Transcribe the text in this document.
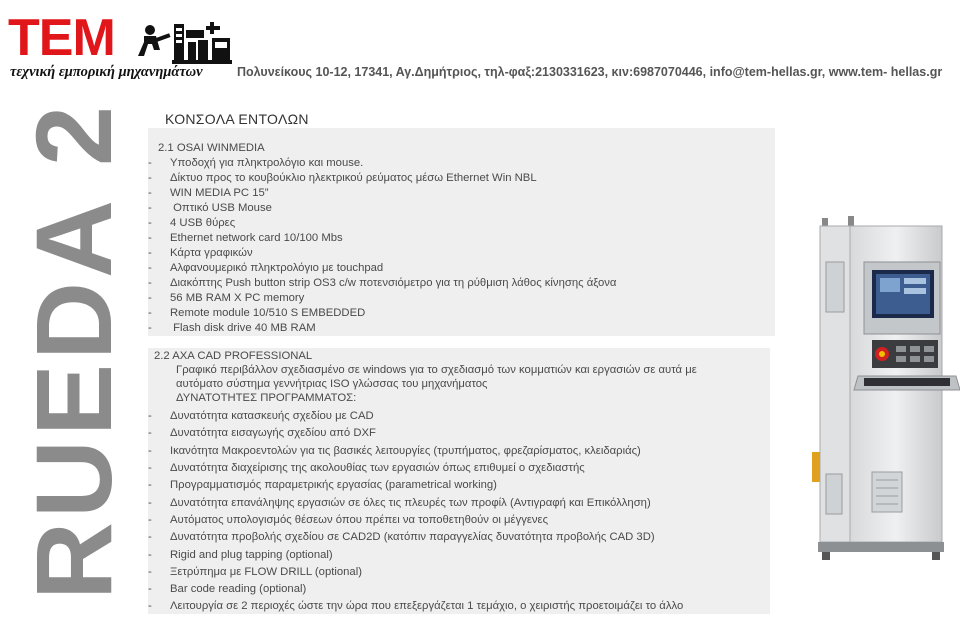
TEM
τεχνική εμπορική μηχανημάτων	Πολυνείκους 10-12, 17341, Αγ.Δημήτριος, τηλ-φαξ:2130331623, κιν:6987070446, info@tem-hellas.gr, www.tem- hellas.gr
RUEDA 2 ΚΟΝΣΟΛΑ ΕΝΤΟΛΩΝ
2.1 OSAI WINMEDIA
- Υποδοχή για πληκτρολόγιο και mouse.
- Δίκτυο προς το κουβούκλιο ηλεκτρικού ρεύματος μέσω Ethernet Win NBL
- WIN MEDIA PC 15”
- Οπτικό USB Mouse
- 4 USB θύρες
- Ethernet network card 10/100 Mbs
- Κάρτα γραφικών
- Αλφανουμερικό πληκτρολόγιο με touchpad
- Διακόπτης Push button strip OS3 c/w ποτενσιόμετρο για τη ρύθμιση λάθος κίνησης άξονα
- 56 MB RAM X PC memory
- Remote module 10/510 S EMBEDDED
- Flash disk drive 40 MB RAM
2.2 AXA CAD PROFESSIONAL
Γραφικό περιβάλλον σχεδιασμένο σε windows για το σχεδιασμό των κομματιών και εργασιών σε αυτά με
αυτόματο σύστημα γεννήτριας ISO γλώσσας του μηχανήματος
ΔΥΝΑΤΟΤΗΤΕΣ ΠΡΟΓΡΑΜΜΑΤΟΣ:
- Δυνατότητα κατασκευής σχεδίου με CAD
- Δυνατότητα εισαγωγής σχεδίου από DXF
- Ικανότητα Μακροεντολών για τις βασικές λειτουργίες (τρυπήματος, φρεζαρίσματος, κλειδαριάς)
- Δυνατότητα διαχείρισης της ακολουθίας των εργασιών όπως επιθυμεί ο σχεδιαστής
- Προγραμματισμός παραμετρικής εργασίας (parametrical working)
- Δυνατότητα επανάληψης εργασιών σε όλες τις πλευρές των προφίλ (Αντιγραφή και Επικόλληση)
- Αυτόματος υπολογισμός θέσεων όπου πρέπει να τοποθετηθούν οι μέγγενες
- Δυνατότητα προβολής σχεδίου σε CAD2D (κατόπιν παραγγελίας δυνατότητα προβολής CAD 3D)
- Rigid and plug tapping (optional)
- Ξετρύπημα με FLOW DRILL (optional)
- Bar code reading (optional)
- Λειτουργία σε 2 περιοχές ώστε την ώρα που επεξεργάζεται 1 τεμάχιο, ο χειριστής προετοιμάζει το άλλο
